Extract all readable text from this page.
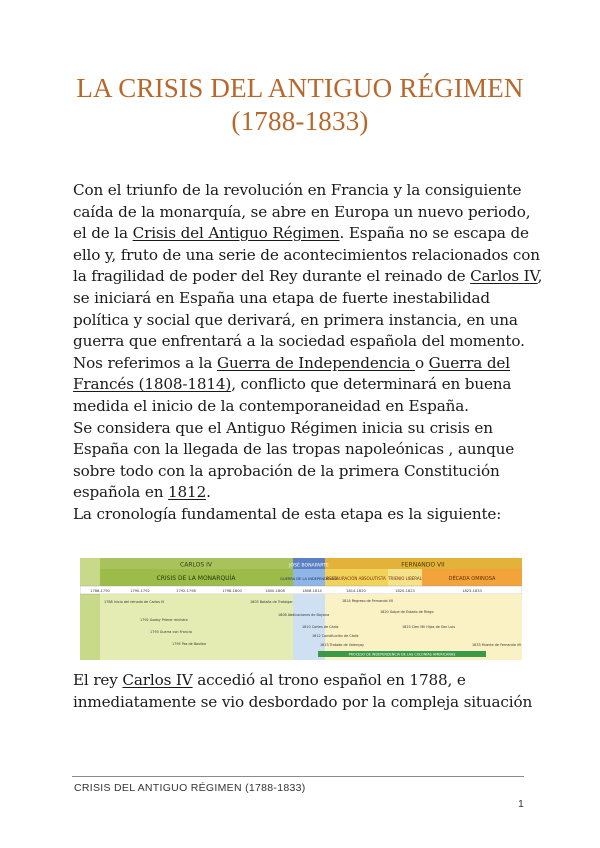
LA CRISIS DEL ANTIGUO RÉGIMEN
(1788-1833)

Con el triunfo de la revolución en Francia y la consiguiente caída de la monarquía, se abre en Europa un nuevo periodo, el de la Crisis del Antiguo Régimen. España no se escapa de ello y, fruto de una serie de acontecimientos relacionados con la fragilidad de poder del Rey durante el reinado de Carlos IV, se iniciará en España una etapa de fuerte inestabilidad política y social que derivará, en primera instancia, en una guerra que enfrentará a la sociedad española del momento. Nos referimos a la Guerra de Independencia o Guerra del Francés (1808-1814), conflicto que determinará en buena medida el inicio de la contemporaneidad en España.

Se considera que el Antiguo Régimen inicia su crisis en España con la llegada de las tropas napoleónicas , aunque sobre todo con la aprobación de la primera Constitución española en 1812.

La cronología fundamental de esta etapa es la siguiente:

CARLOS IV	JOSÉ BONAPARTE	FERNANDO VII
CRISIS DE LA MONARQUÍA	GUERRA DE LA INDEPENDENCIA
RESTAURACIÓN ABSOLUTISTA TRIENIO LIBERAL	DÉCADA OMINOSA
1788-1790	1790-1792	1792-1798	1798-1800	1800-1808	1808-1814	1814-1820	1820-1823	1823-1833
1788 Inicio del reinado de Carlos IV
1792 Godoy Primer ministro
1793 Guerra con Francia
1795 Paz de Basilea
1805 Batalla de Trafalgar
1808 Abdicaciones de Bayona
1810 Cortes de Cádiz
1812 Constitución de Cádiz
1813 Tratado de Valençay
1814 Regreso de Fernando VII
1820 Golpe de Estado de Riego
1823 Cien Mil Hijos de San Luis
1833 Muerte de Fernando VII
PROCESO DE INDEPENDENCIA DE LAS COLONIAS AMERICANAS

El rey Carlos IV accedió al trono español en 1788, e inmediatamente se vio desbordado por la compleja situación

CRISIS DEL ANTIGUO RÉGIMEN (1788-1833)
1
